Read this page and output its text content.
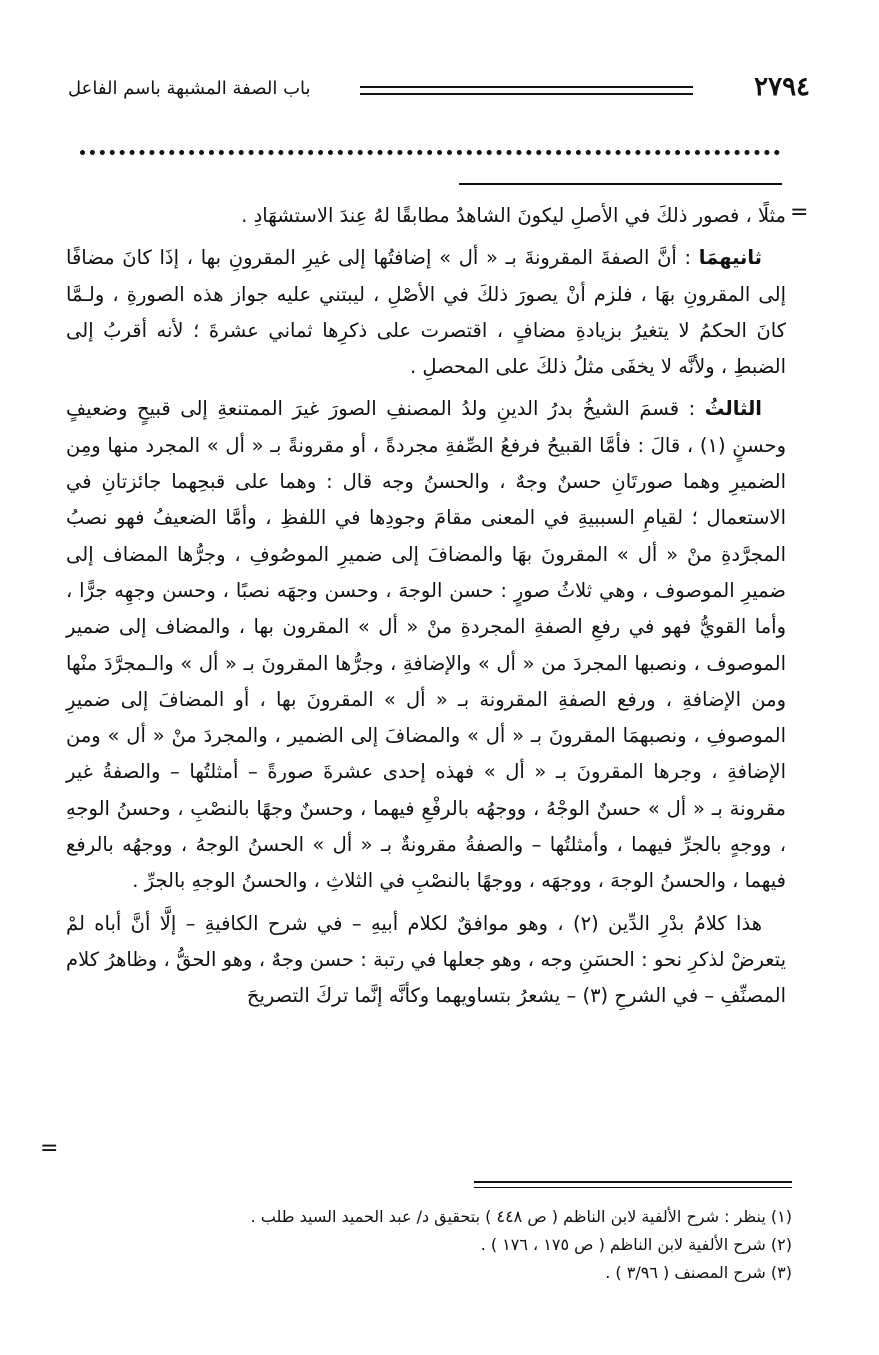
٢٧٩٤
باب الصفة المشبهة باسم الفاعل
=

مثلًا ، فصور ذلكَ في الأصلِ ليكونَ الشاهدُ مطابقًا لهُ عِندَ الاستشهَادِ .

ثانيهمَا : أنَّ الصفةَ المقرونةَ بـ « أل » إضافتُها إلى غيرِ المقرونِ بها ، إذَا كانَ مضافًا إلى المقرونِ بهَا ، فلزم أنْ يصورَ ذلكَ في الأصْلِ ، ليبتني عليه جواز هذه الصورةِ ، ولـمَّا كانَ الحكمُ لا يتغيرُ بزيادةِ مضافٍ ، اقتصرت على ذكرِها ثماني عشرةَ ؛ لأنه أقربُ إلى الضبطِ ، ولأنَّه لا يخفَى مثلُ ذلكَ على المحصلِ .

الثالثُ : قسمَ الشيخُ بدرُ الدينِ ولدُ المصنفِ الصورَ غيرَ الممتنعةِ إلى قبيحٍ وضعيفٍ وحسنٍ (١) ، قالَ : فأمَّا القبيحُ فرفعُ الصِّفةِ مجردةً ، أو مقرونةً بـ « أل » المجرد منها ومِن الضميرِ وهما صورتَانِ حسنٌ وجهٌ ، والحسنُ وجه قال : وهما على قبحِهما جائزتانِ في الاستعمال ؛ لقيامِ السببيةِ في المعنى مقامَ وجودِها في اللفظِ ، وأمَّا الضعيفُ فهو نصبُ المجرَّدةِ منْ « أل » المقرونَ بهَا والمضافَ إلى ضميرِ الموصُوفِ ، وجرُّها المضاف إلى ضميرِ الموصوف ، وهي ثلاثُ صورٍ : حسن الوجهَ ، وحسن وجهَه نصبًا ، وحسن وجهِه جرًّا ، وأما القويُّ فهو في رفعِ الصفةِ المجردةِ منْ « أل » المقرون بها ، والمضاف إلى ضمير الموصوف ، ونصبها المجردَ من « أل » والإضافةِ ، وجرُّها المقرونَ بـ « أل » والـمجرَّدَ منْها ومن الإضافةِ ، ورفع الصفةِ المقرونة بـ « أل » المقرونَ بها ، أو المضافَ إلى ضميرِ الموصوفِ ، ونصبهمَا المقرونَ بـ « أل » والمضافَ إلى الضمير ، والمجردَ منْ « أل » ومن الإضافةِ ، وجرها المقرونَ بـ « أل » فهذه إحدى عشرةَ صورةً – أمثلتُها – والصفةُ غير مقرونة بـ « أل » حسنٌ الوجْهُ ، ووجهُه بالرفْعِ فيهما ، وحسنٌ وجهًا بالنصْبِ ، وحسنُ الوجهِ ، ووجهٍ بالجرِّ فيهما ، وأمثلتُها – والصفةُ مقرونةٌ بـ « أل » الحسنُ الوجهُ ، ووجهُه بالرفع فيهما ، والحسنُ الوجهَ ، ووجهَه ، ووجهًا بالنصْبِ في الثلاثِ ، والحسنُ الوجهِ بالجرِّ .

هذا كلامُ بدْرِ الدِّين (٢) ، وهو موافقٌ لكلام أبيهِ – في شرح الكافيةِ – إلَّا أنَّ أباه لمْ يتعرضْ لذكرِ نحو : الحسَنِ وجه ، وهو جعلها في رتبة : حسن وجهٌ ، وهو الحقُّ ، وظاهرُ كلام المصنِّفِ – في الشرحِ (٣) – يشعرُ بتساويهما وكأنَّه إنَّما تركَ التصريحَ

=

(١) ينظر : شرح الألفية لابن الناظم ( ص ٤٤٨ ) بتحقيق د/ عبد الحميد السيد طلب .

(٢) شرح الألفية لابن الناظم ( ص ١٧٥ ، ١٧٦ ) .

(٣) شرح المصنف ( ٣/٩٦ ) .
